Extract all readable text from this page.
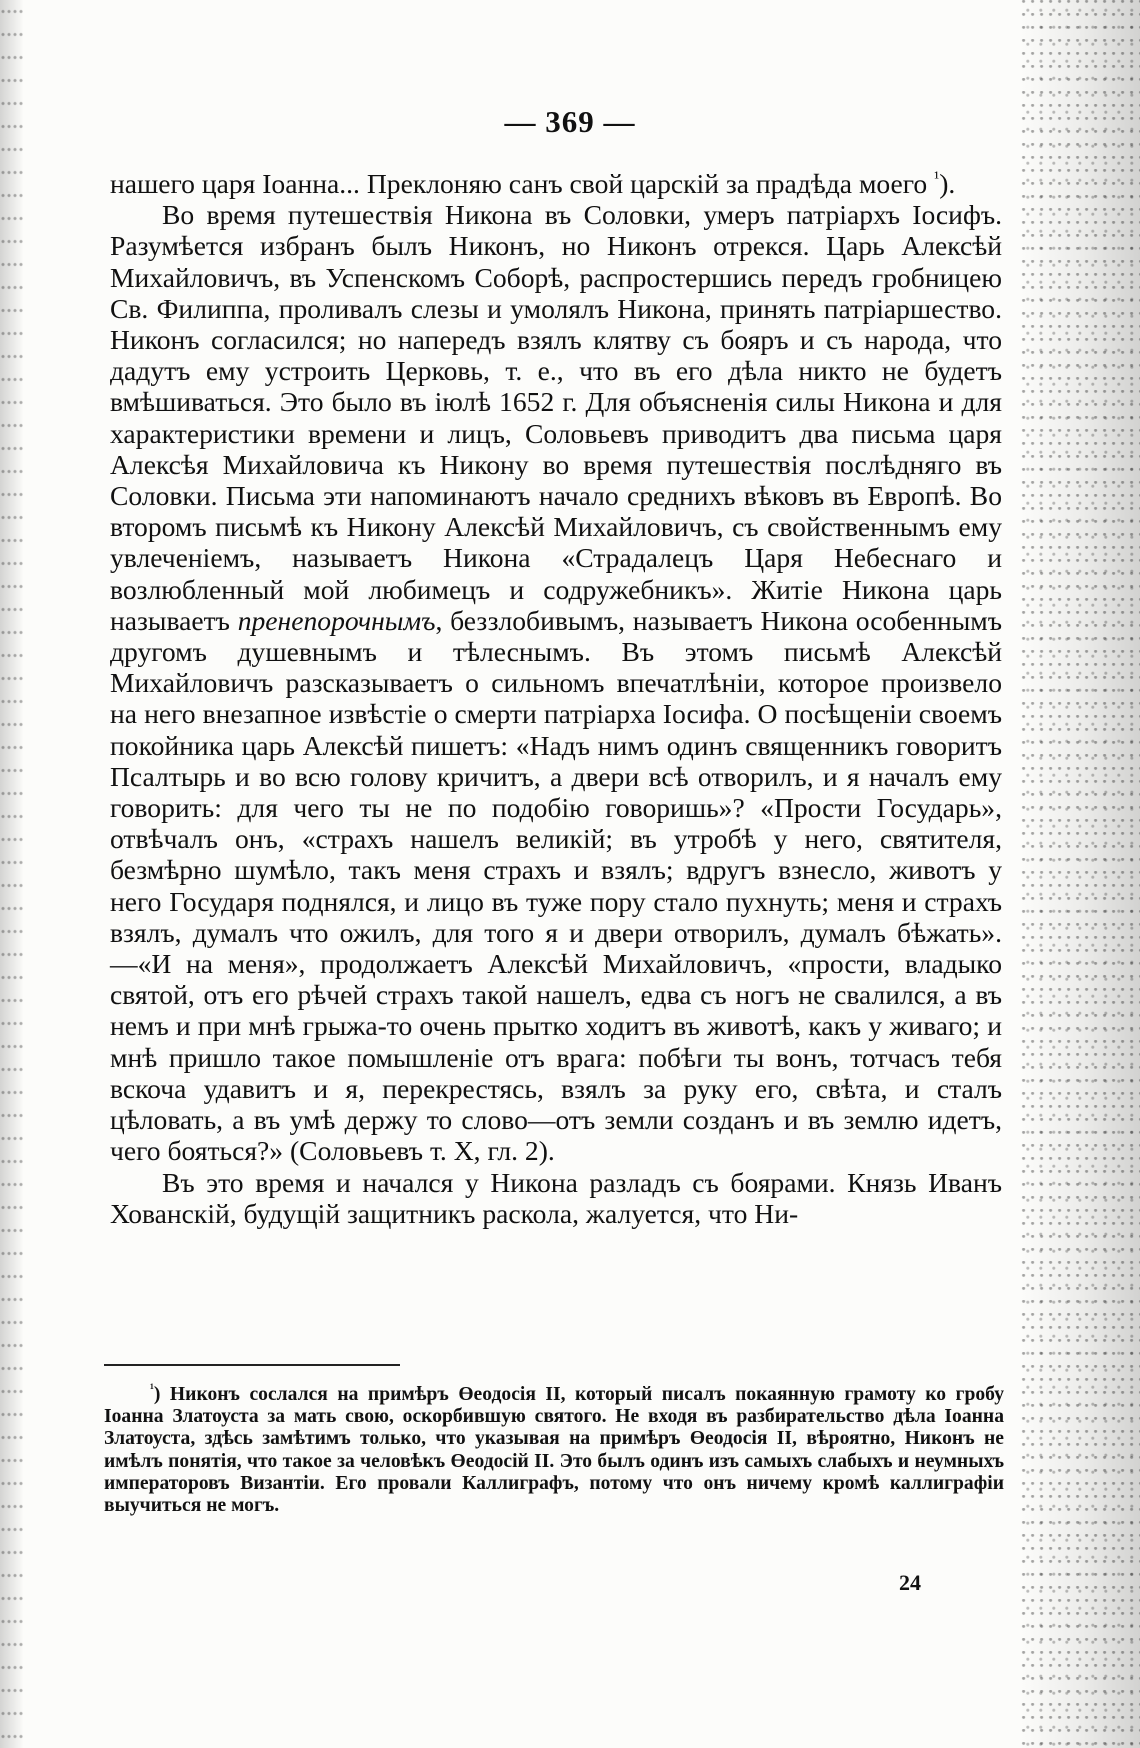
— 369 —

нашего царя Іоанна... Преклоняю санъ свой царскій за прадѣда моего $^{^1}$).

Во время путешествія Никона въ Соловки, умеръ патріархъ Іосифъ. Разумѣется избранъ былъ Никонъ, но Никонъ отрекся. Царь Алексѣй Михайловичъ, въ Успенскомъ Соборѣ, распростершись передъ гробницею Св. Филиппа, проливалъ слезы и умолялъ Никона, принять патріаршество. Никонъ согласился; но напередъ взялъ клятву съ бояръ и съ народа, что дадутъ ему устроить Церковь, т. е., что въ его дѣла никто не будетъ вмѣшиваться. Это было въ іюлѣ 1652 г. Для объясненія силы Никона и для характеристики времени и лицъ, Соловьевъ приводитъ два письма царя Алексѣя Михайловича къ Никону во время путешествія послѣдняго въ Соловки. Письма эти напоминаютъ начало среднихъ вѣковъ въ Европѣ. Во второмъ письмѣ къ Никону Алексѣй Михайловичъ, съ свойственнымъ ему увлеченіемъ, называетъ Никона «Страдалецъ Царя Небеснаго и возлюбленный мой любимецъ и содружебникъ». Житіе Никона царь называетъ пренепорочнымъ, беззлобивымъ, называетъ Никона особеннымъ другомъ душевнымъ и тѣлеснымъ. Въ этомъ письмѣ Алексѣй Михайловичъ разсказываетъ о сильномъ впечатлѣніи, которое произвело на него внезапное извѣстіе о смерти патріарха Іосифа. О посѣщеніи своемъ покойника царь Алексѣй пишетъ: «Надъ нимъ одинъ священникъ говоритъ Псалтырь и во всю голову кричитъ, а двери всѣ отворилъ, и я началъ ему говорить: для чего ты не по подобію говоришь»? «Прости Государь», отвѣчалъ онъ, «страхъ нашелъ великій; въ утробѣ у него, святителя, безмѣрно шумѣло, такъ меня страхъ и взялъ; вдругъ взнесло, животъ у него Государя поднялся, и лицо въ туже пору стало пухнуть; меня и страхъ взялъ, думалъ что ожилъ, для того я и двери отворилъ, думалъ бѣжать».—«И на меня», продолжаетъ Алексѣй Михайловичъ, «прости, владыко святой, отъ его рѣчей страхъ такой нашелъ, едва съ ногъ не свалился, а въ немъ и при мнѣ грыжа-то очень прытко ходитъ въ животѣ, какъ у живаго; и мнѣ пришло такое помышленіе отъ врага: побѣги ты вонъ, тотчасъ тебя вскоча удавитъ и я, перекрестясь, взялъ за руку его, свѣта, и сталъ цѣловать, а въ умѣ держу то слово—отъ земли созданъ и въ землю идетъ, чего бояться?» (Соловьевъ т. X, гл. 2).

Въ это время и начался у Никона разладъ съ боярами. Князь Иванъ Хованскій, будущій защитникъ раскола, жалуется, что Ни-

$^{^1}$) Никонъ сослался на примѣръ Өеодосія II, который писалъ покаянную грамоту ко гробу Іоанна Златоуста за мать свою, оскорбившую святого. Не входя въ разбирательство дѣла Іоанна Златоуста, здѣсь замѣтимъ только, что указывая на примѣръ Өеодосія II, вѣроятно, Никонъ не имѣлъ понятія, что такое за человѣкъ Өеодосій II. Это былъ одинъ изъ самыхъ слабыхъ и неумныхъ императоровъ Византіи. Его провали Каллиграфъ, потому что онъ ничему кромѣ каллиграфіи выучиться не могъ.
24
